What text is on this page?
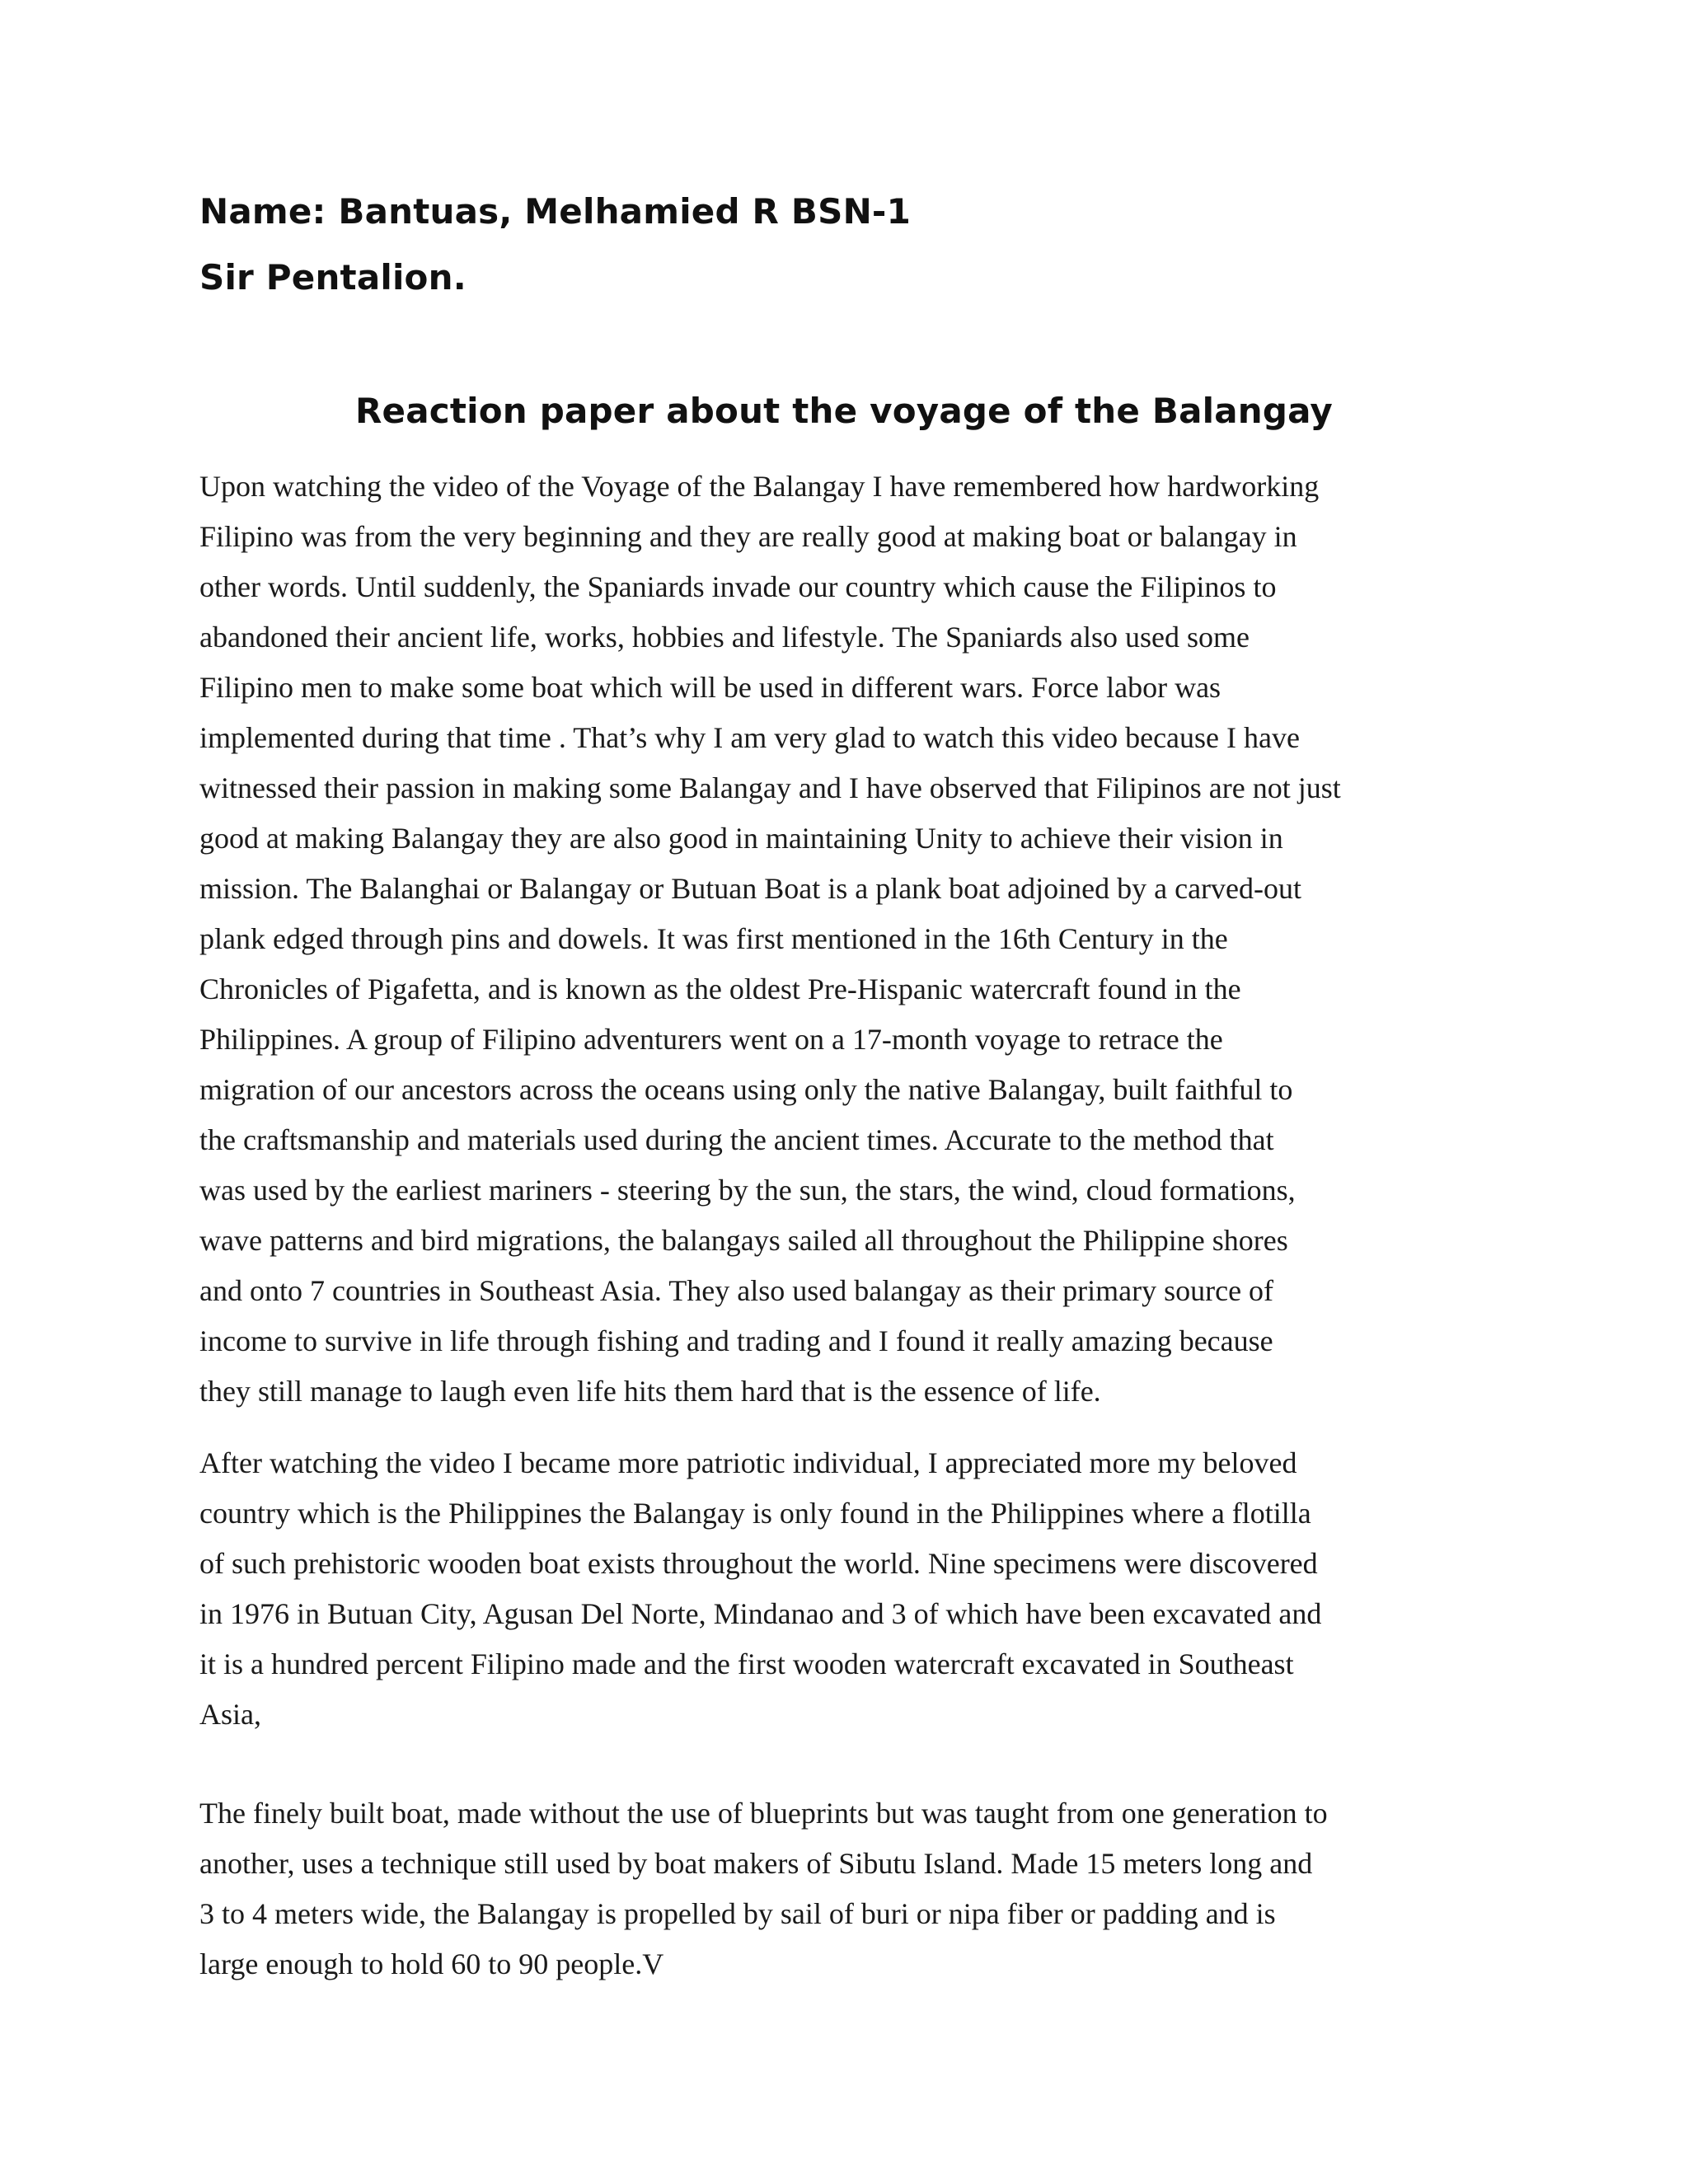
Name: Bantuas, Melhamied R BSN-1
Sir Pentalion.
Reaction paper about the voyage of the Balangay
Upon watching the video of the Voyage of the Balangay I have remembered how hardworking
Filipino was from the very beginning and they are really good at making boat or balangay in
other words. Until suddenly, the Spaniards invade our country which cause the Filipinos to
abandoned their ancient life, works, hobbies and lifestyle. The Spaniards also used some
Filipino men to make some boat which will be used in different wars. Force labor was
implemented during that time . That’s why I am very glad to watch this video because I have
witnessed their passion in making some Balangay and I have observed that Filipinos are not just
good at making Balangay they are also good in maintaining Unity to achieve their vision in
mission. The Balanghai or Balangay or Butuan Boat is a plank boat adjoined by a carved-out
plank edged through pins and dowels. It was first mentioned in the 16th Century in the
Chronicles of Pigafetta, and is known as the oldest Pre-Hispanic watercraft found in the
Philippines. A group of Filipino adventurers went on a 17-month voyage to retrace the
migration of our ancestors across the oceans using only the native Balangay, built faithful to
the craftsmanship and materials used during the ancient times. Accurate to the method that
was used by the earliest mariners - steering by the sun, the stars, the wind, cloud formations,
wave patterns and bird migrations, the balangays sailed all throughout the Philippine shores
and onto 7 countries in Southeast Asia. They also used balangay as their primary source of
income to survive in life through fishing and trading and I found it really amazing because
they still manage to laugh even life hits them hard that is the essence of life.
After watching the video I became more patriotic individual, I appreciated more my beloved
country which is the Philippines the Balangay is only found in the Philippines where a flotilla
of such prehistoric wooden boat exists throughout the world. Nine specimens were discovered
in 1976 in Butuan City, Agusan Del Norte, Mindanao and 3 of which have been excavated and
it is a hundred percent Filipino made and the first wooden watercraft excavated in Southeast
Asia,
The finely built boat, made without the use of blueprints but was taught from one generation to
another, uses a technique still used by boat makers of Sibutu Island. Made 15 meters long and
3 to 4 meters wide, the Balangay is propelled by sail of buri or nipa fiber or padding and is
large enough to hold 60 to 90 people.V
